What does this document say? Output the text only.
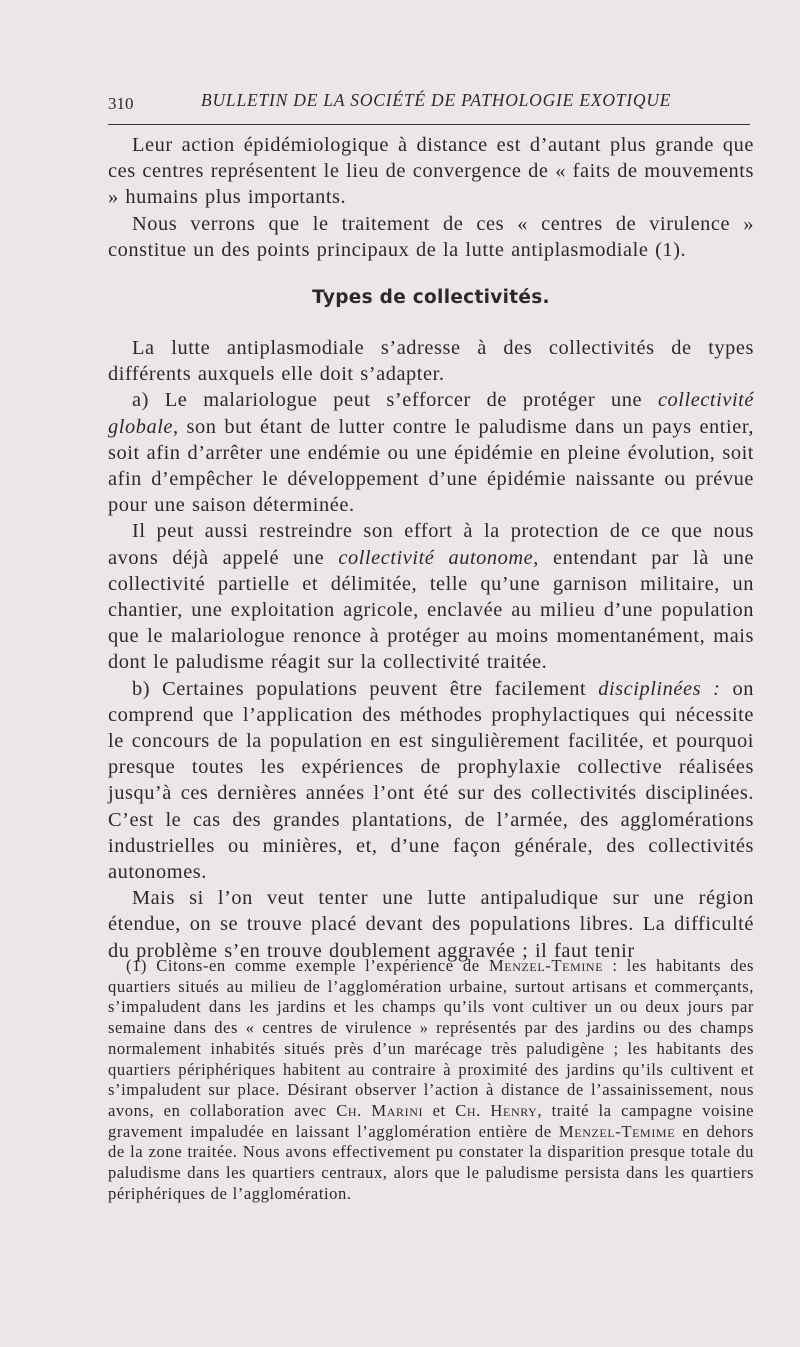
310	BULLETIN DE LA SOCIÉTÉ DE PATHOLOGIE EXOTIQUE

Leur action épidémiologique à distance est d’autant plus grande que ces centres représentent le lieu de convergence de « faits de mouvements » humains plus importants.

Nous verrons que le traitement de ces « centres de virulence » constitue un des points principaux de la lutte antiplasmodiale (1).

Types de collectivités.

La lutte antiplasmodiale s’adresse à des collectivités de types différents auxquels elle doit s’adapter.

a) Le malariologue peut s’efforcer de protéger une collectivité globale, son but étant de lutter contre le paludisme dans un pays entier, soit afin d’arrêter une endémie ou une épidémie en pleine évolution, soit afin d’empêcher le développement d’une épidémie naissante ou prévue pour une saison déterminée.

Il peut aussi restreindre son effort à la protection de ce que nous avons déjà appelé une collectivité autonome, entendant par là une collectivité partielle et délimitée, telle qu’une garnison militaire, un chantier, une exploitation agricole, enclavée au milieu d’une population que le malariologue renonce à protéger au moins momentanément, mais dont le paludisme réagit sur la collectivité traitée.

b) Certaines populations peuvent être facilement disciplinées : on comprend que l’application des méthodes prophylactiques qui nécessite le concours de la population en est singulièrement facilitée, et pourquoi presque toutes les expériences de prophylaxie collective réalisées jusqu’à ces dernières années l’ont été sur des collectivités disciplinées. C’est le cas des grandes plantations, de l’armée, des agglomérations industrielles ou minières, et, d’une façon générale, des collectivités autonomes.

Mais si l’on veut tenter une lutte antipaludique sur une région étendue, on se trouve placé devant des populations libres. La difficulté du problème s’en trouve doublement aggravée ; il faut tenir

(1) Citons-en comme exemple l’expérience de Menzel-Temine : les habitants des quartiers situés au milieu de l’agglomération urbaine, surtout artisans et commerçants, s’impaludent dans les jardins et les champs qu’ils vont cultiver un ou deux jours par semaine dans des « centres de virulence » représentés par des jardins ou des champs normalement inhabités situés près d’un marécage très paludigène ; les habitants des quartiers périphériques habitent au contraire à proximité des jardins qu’ils cultivent et s’impaludent sur place. Désirant observer l’action à distance de l’assainissement, nous avons, en collaboration avec Ch. Marini et Ch. Henry, traité la campagne voisine gravement impaludée en laissant l’agglomération entière de Menzel-Temime en dehors de la zone traitée. Nous avons effectivement pu constater la disparition presque totale du paludisme dans les quartiers centraux, alors que le paludisme persista dans les quartiers périphériques de l’agglomération.
